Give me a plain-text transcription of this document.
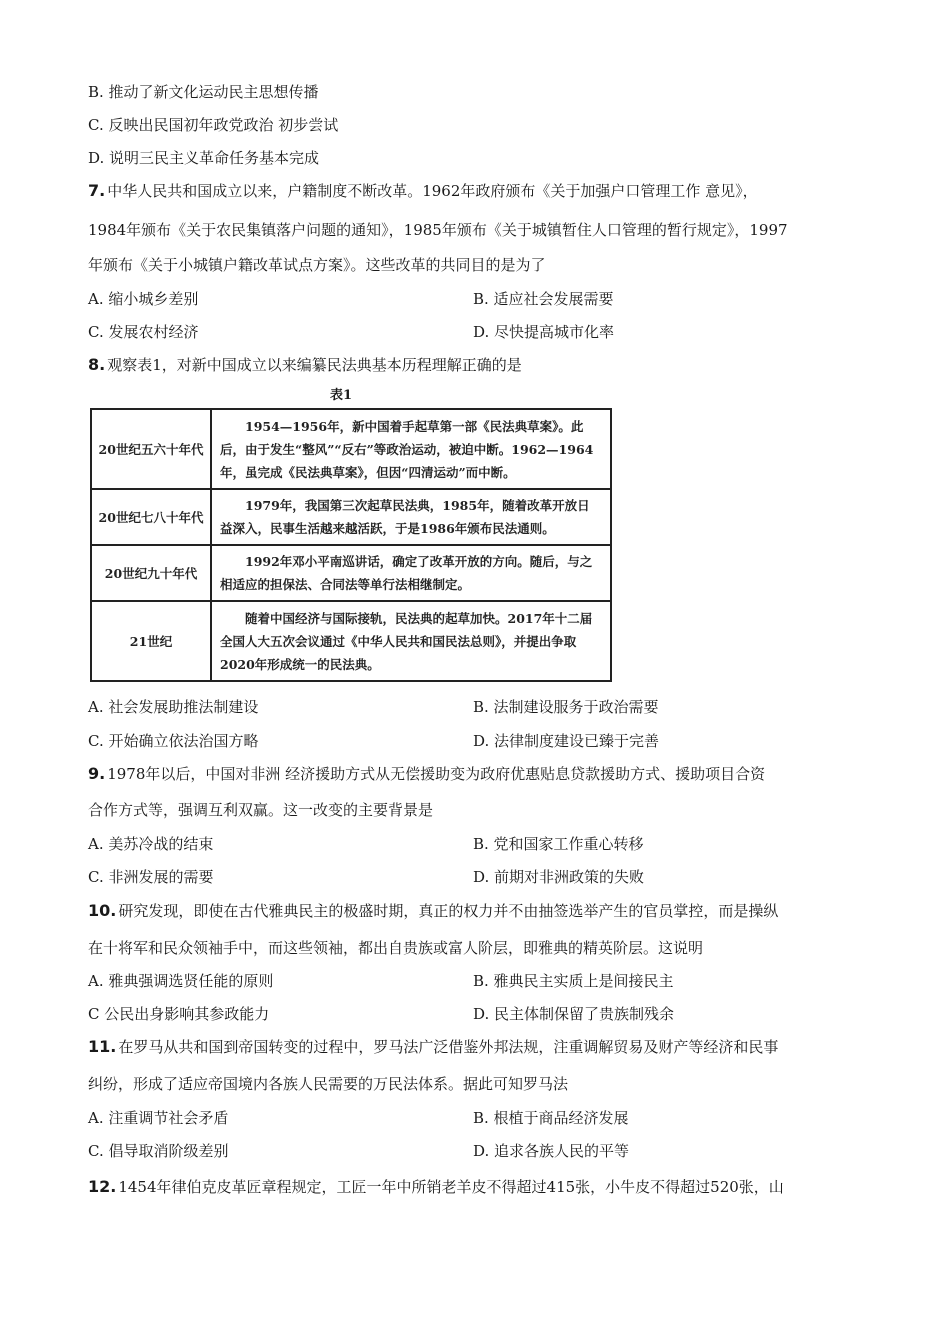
B. 推动了新文化运动民主思想传播
C. 反映出民国初年政党政治 初步尝试
D. 说明三民主义革命任务基本完成
7. 中华人民共和国成立以来，户籍制度不断改革。1962年政府颁布《关于加强户口管理工作 意见》，
1984年颁布《关于农民集镇落户问题的通知》，1985年颁布《关于城镇暂住人口管理的暂行规定》，1997
年颁布《关于小城镇户籍改革试点方案》。这些改革的共同目的是为了
A. 缩小城乡差别	B. 适应社会发展需要
C. 发展农村经济	D. 尽快提高城市化率
8. 观察表1，对新中国成立以来编纂民法典基本历程理解正确的是
表1
20世纪五六十年代	1954—1956年，新中国着手起草第一部《民法典草案》。此后，由于发生“整风”“反右”等政治运动，被迫中断。1962—1964年，虽完成《民法典草案》，但因“四清运动”而中断。
20世纪七八十年代	1979年，我国第三次起草民法典，1985年，随着改革开放日益深入，民事生活越来越活跃，于是1986年颁布民法通则。
20世纪九十年代	1992年邓小平南巡讲话，确定了改革开放的方向。随后，与之相适应的担保法、合同法等单行法相继制定。
21世纪	随着中国经济与国际接轨，民法典的起草加快。2017年十二届全国人大五次会议通过《中华人民共和国民法总则》，并提出争取2020年形成统一的民法典。
A. 社会发展助推法制建设	B. 法制建设服务于政治需要
C. 开始确立依法治国方略	D. 法律制度建设已臻于完善
9. 1978年以后，中国对非洲 经济援助方式从无偿援助变为政府优惠贴息贷款援助方式、援助项目合资
合作方式等，强调互利双赢。这一改变的主要背景是
A. 美苏冷战的结束	B. 党和国家工作重心转移
C. 非洲发展的需要	D. 前期对非洲政策的失败
10. 研究发现，即使在古代雅典民主的极盛时期，真正的权力并不由抽签选举产生的官员掌控，而是操纵
在十将军和民众领袖手中，而这些领袖，都出自贵族或富人阶层，即雅典的精英阶层。这说明
A. 雅典强调选贤任能的原则	B. 雅典民主实质上是间接民主
C 公民出身影响其参政能力	D. 民主体制保留了贵族制残余
11. 在罗马从共和国到帝国转变的过程中，罗马法广泛借鉴外邦法规，注重调解贸易及财产等经济和民事
纠纷，形成了适应帝国境内各族人民需要的万民法体系。据此可知罗马法
A. 注重调节社会矛盾	B. 根植于商品经济发展
C. 倡导取消阶级差别	D. 追求各族人民的平等
12. 1454年律伯克皮革匠章程规定，工匠一年中所销老羊皮不得超过415张，小牛皮不得超过520张，山
